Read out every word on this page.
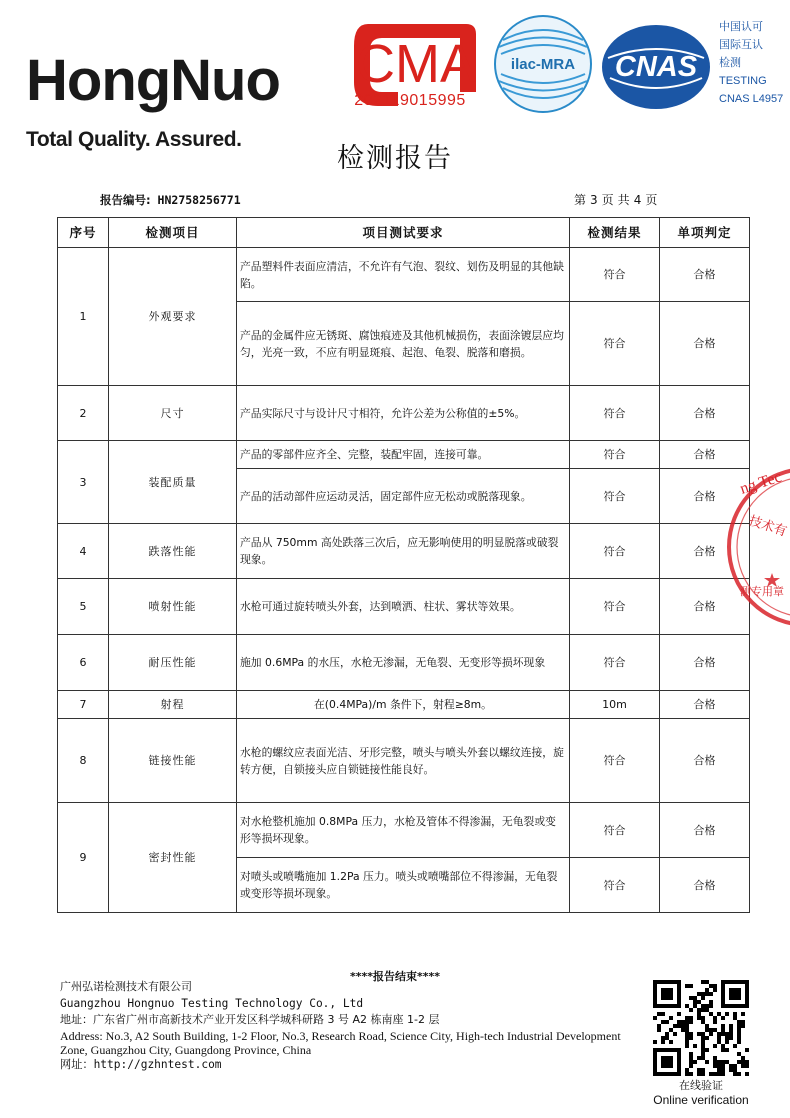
HongNuo
Total Quality. Assured.
CMA
202119015995
ilac-MRA CNAS
中国认可
国际互认
检测
TESTING
CNAS L4957
检测报告
报告编号: HN2758256771	第 3 页 共 4 页
序号	检测项目	项目测试要求	检测结果	单项判定
1	外观要求	产品塑料件表面应清洁，不允许有气泡、裂纹、划伤及明显的其他缺陷。	符合	合格
		产品的金属件应无锈斑、腐蚀痕迹及其他机械损伤，表面涂镀层应均匀，光亮一致，不应有明显斑痕、起泡、龟裂、脱落和磨损。	符合	合格
2	尺寸	产品实际尺寸与设计尺寸相符，允许公差为公称值的±5%。	符合	合格
3	装配质量	产品的零部件应齐全、完整，装配牢固，连接可靠。	符合	合格
		产品的活动部件应运动灵活，固定部件应无松动或脱落现象。	符合	合格
4	跌落性能	产品从 750mm 高处跌落三次后，应无影响使用的明显脱落或破裂现象。	符合	合格
5	喷射性能	水枪可通过旋转喷头外套，达到喷洒、柱状、雾状等效果。	符合	合格
6	耐压性能	施加 0.6MPa 的水压，水枪无渗漏，无龟裂、无变形等损坏现象	符合	合格
7	射程	在(0.4MPa)/m 条件下，射程≥8m。	10m	合格
8	链接性能	水枪的螺纹应表面光洁、牙形完整，喷头与喷头外套以螺纹连接，旋转方便，自锁接头应自锁链接性能良好。	符合	合格
9	密封性能	对水枪整机施加 0.8MPa 压力，水枪及管体不得渗漏，无龟裂或变形等损坏现象。	符合	合格
		对喷头或喷嘴施加 1.2Pa 压力。喷头或喷嘴部位不得渗漏，无龟裂或变形等损坏现象。	符合	合格
ng Tec
技术有
测专用章
****报告结束****
广州弘诺检测技术有限公司
Guangzhou Hongnuo Testing Technology Co., Ltd
地址：广东省广州市高新技术产业开发区科学城科研路 3 号 A2 栋南座 1-2 层
Address: No.3, A2 South Building, 1-2 Floor, No.3, Research Road, Science City, High-tech Industrial Development Zone, Guangzhou City, Guangdong Province, China
网址：http://gzhntest.com
在线验证
Online verification
